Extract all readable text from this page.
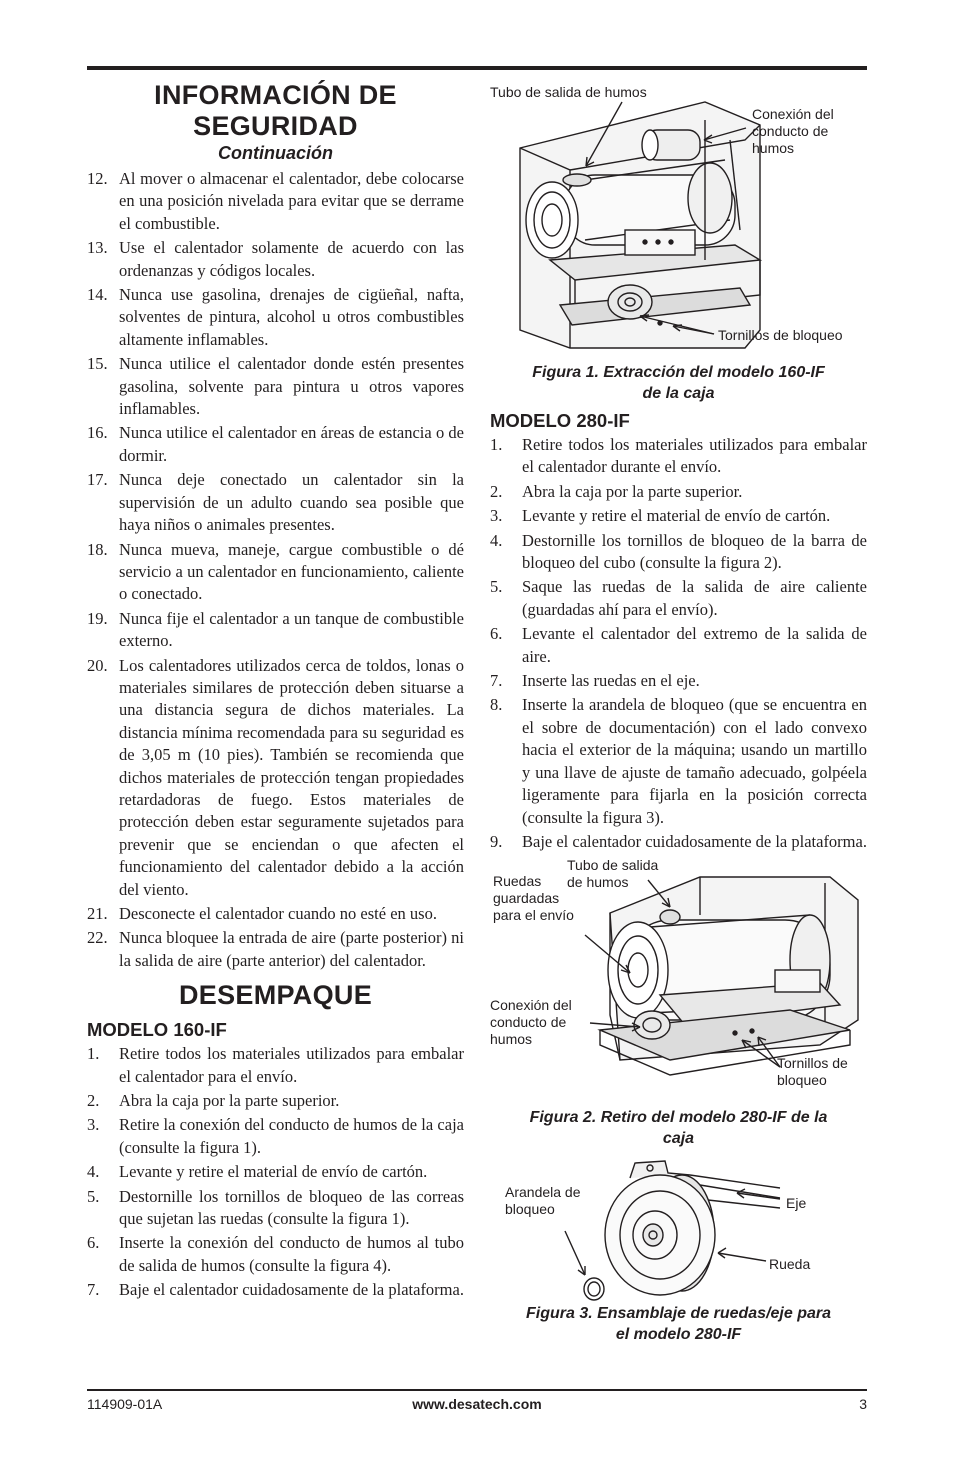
INFORMACIÓN DE
SEGURIDAD
Continuación
12. Al mover o almacenar el calentador, debe colocarse en una posición nivelada para evitar que se derrame el combustible.
13. Use el calentador solamente de acuerdo con las ordenanzas y códigos locales.
14. Nunca use gasolina, drenajes de cigüeñal, nafta, solventes de pintura, alcohol u otros combustibles altamente inflamables.
15. Nunca utilice el calentador donde estén presentes gasolina, solvente para pintura u otros vapores inflamables.
16. Nunca utilice el calentador en áreas de estancia o de dormir.
17. Nunca deje conectado un calentador sin la supervisión de un adulto cuando sea posible que haya niños o animales presentes.
18. Nunca mueva, maneje, cargue combustible o dé servicio a un calentador en funcionamiento, caliente o conectado.
19. Nunca fije el calentador a un tanque de combustible externo.
20. Los calentadores utilizados cerca de toldos, lonas o materiales similares de protección deben situarse a una distancia segura de dichos materiales. La distancia mínima recomendada para su seguridad es de 3,05 m (10 pies). También se recomienda que dichos materiales de protección tengan propiedades retardadoras de fuego. Estos materiales de protección deben estar seguramente sujetados para prevenir que se enciendan o que afecten el funcionamiento del calentador debido a la acción del viento.
21. Desconecte el calentador cuando no esté en uso.
22. Nunca bloquee la entrada de aire (parte posterior) ni la salida de aire (parte anterior) del calentador.
DESEMPAQUE
MODELO 160-IF
1. Retire todos los materiales utilizados para embalar el calentador para el envío.
2. Abra la caja por la parte superior.
3. Retire la conexión del conducto de humos de la caja (consulte la figura 1).
4. Levante y retire el material de envío de cartón.
5. Destornille los tornillos de bloqueo de las correas que sujetan las ruedas (consulte la figura 1).
6. Inserte la conexión del conducto de humos al tubo de salida de humos (consulte la figura 4).
7. Baje el calentador cuidadosamente de la plataforma.
Tubo de salida de humos
Conexión del
conducto de
humos
Tornillos de bloqueo
Figura 1. Extracción del modelo 160-IF
de la caja
MODELO 280-IF
1. Retire todos los materiales utilizados para embalar el calentador durante el envío.
2. Abra la caja por la parte superior.
3. Levante y retire el material de envío de cartón.
4. Destornille los tornillos de bloqueo de la barra de bloqueo del cubo (consulte la figura 2).
5. Saque las ruedas de la salida de aire caliente (guardadas ahí para el envío).
6. Levante el calentador del extremo de la salida de aire.
7. Inserte las ruedas en el eje.
8. Inserte la arandela de bloqueo (que se encuentra en el sobre de documentación) con el lado convexo hacia el exterior de la máquina; usando un martillo y una llave de ajuste de tamaño adecuado, golpéela ligeramente para fijarla en la posición correcta (consulte la figura 3).
9. Baje el calentador cuidadosamente de la plataforma.
Tubo de salida
de humos
Ruedas
guardadas
para el envío
Conexión del
conducto de
humos
Tornillos de
bloqueo
Figura 2. Retiro del modelo 280-IF de la
caja
Arandela de
bloqueo	Eje
Rueda
Figura 3. Ensamblaje de ruedas/eje para
el modelo 280-IF
114909-01A	www.desatech.com	3
